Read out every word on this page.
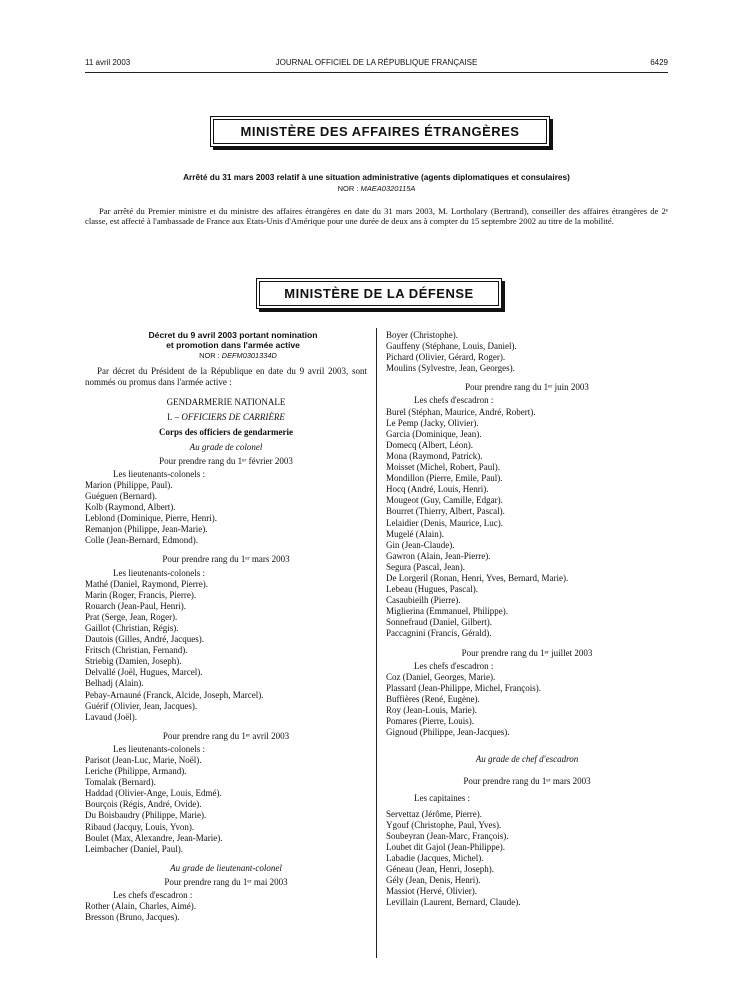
11 avril 2003	JOURNAL OFFICIEL DE LA RÉPUBLIQUE FRANÇAISE	6429
MINISTÈRE DES AFFAIRES ÉTRANGÈRES
Arrêté du 31 mars 2003 relatif à une situation administrative (agents diplomatiques et consulaires)
NOR : MAEA0320115A
Par arrêté du Premier ministre et du ministre des affaires étrangères en date du 31 mars 2003, M. Lortholary (Bertrand), conseiller des affaires étrangères de 2ᵉ classe, est affecté à l'ambassade de France aux Etats-Unis d'Amérique pour une durée de deux ans à compter du 15 septembre 2002 au titre de la mobilité.
MINISTÈRE DE LA DÉFENSE
Décret du 9 avril 2003 portant nomination
et promotion dans l'armée active
NOR : DEFM0301334D
Par décret du Président de la République en date du 9 avril 2003, sont nommés ou promus dans l'armée active :
GENDARMERIE NATIONALE
I. – OFFICIERS DE CARRIÈRE
Corps des officiers de gendarmerie
Au grade de colonel
Pour prendre rang du 1ᵉʳ février 2003
Les lieutenants-colonels :
Marion (Philippe, Paul).
Guéguen (Bernard).
Kolb (Raymond, Albert).
Leblond (Dominique, Pierre, Henri).
Remanjon (Philippe, Jean-Marie).
Colle (Jean-Bernard, Edmond).
Pour prendre rang du 1ᵉʳ mars 2003
Les lieutenants-colonels :
Mathé (Daniel, Raymond, Pierre).
Marin (Roger, Francis, Pierre).
Rouarch (Jean-Paul, Henri).
Prat (Serge, Jean, Roger).
Gaillot (Christian, Régis).
Dautois (Gilles, André, Jacques).
Fritsch (Christian, Fernand).
Striebig (Damien, Joseph).
Delvallé (Joël, Hugues, Marcel).
Belhadj (Alain).
Pebay-Arnauné (Franck, Alcide, Joseph, Marcel).
Guérif (Olivier, Jean, Jacques).
Lavaud (Joël).
Pour prendre rang du 1ᵉʳ avril 2003
Les lieutenants-colonels :
Parisot (Jean-Luc, Marie, Noël).
Leriche (Philippe, Armand).
Tomalak (Bernard).
Haddad (Olivier-Ange, Louis, Edmé).
Bourçois (Régis, André, Ovide).
Du Boisbaudry (Philippe, Marie).
Ribaud (Jacquy, Louis, Yvon).
Boulet (Max, Alexandre, Jean-Marie).
Leimbacher (Daniel, Paul).
Au grade de lieutenant-colonel
Pour prendre rang du 1ᵉʳ mai 2003
Les chefs d'escadron :
Rother (Alain, Charles, Aimé).
Bresson (Bruno, Jacques).
Boyer (Christophe).
Gauffeny (Stéphane, Louis, Daniel).
Pichard (Olivier, Gérard, Roger).
Moulins (Sylvestre, Jean, Georges).
Pour prendre rang du 1ᵉʳ juin 2003
Les chefs d'escadron :
Burel (Stéphan, Maurice, André, Robert).
Le Pemp (Jacky, Olivier).
Garcia (Dominique, Jean).
Domecq (Albert, Léon).
Mona (Raymond, Patrick).
Moisset (Michel, Robert, Paul).
Mondillon (Pierre, Emile, Paul).
Hocq (André, Louis, Henri).
Mougeot (Guy, Camille, Edgar).
Bourret (Thierry, Albert, Pascal).
Lelaidier (Denis, Maurice, Luc).
Mugelé (Alain).
Gin (Jean-Claude).
Gawron (Alain, Jean-Pierre).
Segura (Pascal, Jean).
De Lorgeril (Ronan, Henri, Yves, Bernard, Marie).
Lebeau (Hugues, Pascal).
Casaubieilh (Pierre).
Miglierina (Emmanuel, Philippe).
Sonnefraud (Daniel, Gilbert).
Paccagnini (Francis, Gérald).
Pour prendre rang du 1ᵉʳ juillet 2003
Les chefs d'escadron :
Coz (Daniel, Georges, Marie).
Plassard (Jean-Philippe, Michel, François).
Buffières (René, Eugène).
Roy (Jean-Louis, Marie).
Pomares (Pierre, Louis).
Gignoud (Philippe, Jean-Jacques).
Au grade de chef d'escadron
Pour prendre rang du 1ᵉʳ mars 2003
Les capitaines :
Servettaz (Jérôme, Pierre).
Ygouf (Christophe, Paul, Yves).
Soubeyran (Jean-Marc, François).
Loubet dit Gajol (Jean-Philippe).
Labadie (Jacques, Michel).
Géneau (Jean, Henri, Joseph).
Gély (Jean, Denis, Henri).
Massiot (Hervé, Olivier).
Levillain (Laurent, Bernard, Claude).
